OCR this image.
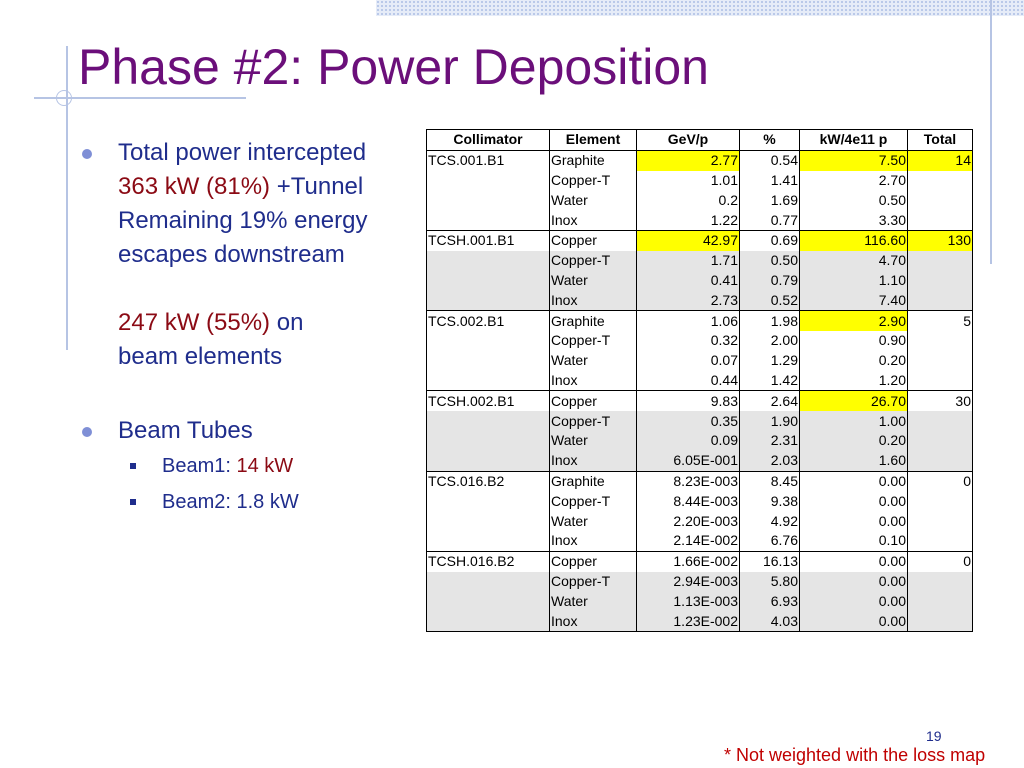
Phase #2: Power Deposition
Total power intercepted
363 kW (81%) +Tunnel
Remaining 19% energy
escapes downstream
247 kW (55%) on
beam elements
Beam Tubes
Beam1: 14 kW
Beam2: 1.8 kW
Collimator	Element	GeV/p	%	kW/4e11 p	Total
TCS.001.B1	Graphite	2.77	0.54	7.50	14
	Copper-T	1.01	1.41	2.70	
	Water	0.2	1.69	0.50	
	Inox	1.22	0.77	3.30	
TCSH.001.B1	Copper	42.97	0.69	116.60	130
	Copper-T	1.71	0.50	4.70	
	Water	0.41	0.79	1.10	
	Inox	2.73	0.52	7.40	
TCS.002.B1	Graphite	1.06	1.98	2.90	5
	Copper-T	0.32	2.00	0.90	
	Water	0.07	1.29	0.20	
	Inox	0.44	1.42	1.20	
TCSH.002.B1	Copper	9.83	2.64	26.70	30
	Copper-T	0.35	1.90	1.00	
	Water	0.09	2.31	0.20	
	Inox	6.05E-001	2.03	1.60	
TCS.016.B2	Graphite	8.23E-003	8.45	0.00	0
	Copper-T	8.44E-003	9.38	0.00	
	Water	2.20E-003	4.92	0.00	
	Inox	2.14E-002	6.76	0.10	
TCSH.016.B2	Copper	1.66E-002	16.13	0.00	0
	Copper-T	2.94E-003	5.80	0.00	
	Water	1.13E-003	6.93	0.00	
	Inox	1.23E-002	4.03	0.00	
19
* Not weighted with the loss map
